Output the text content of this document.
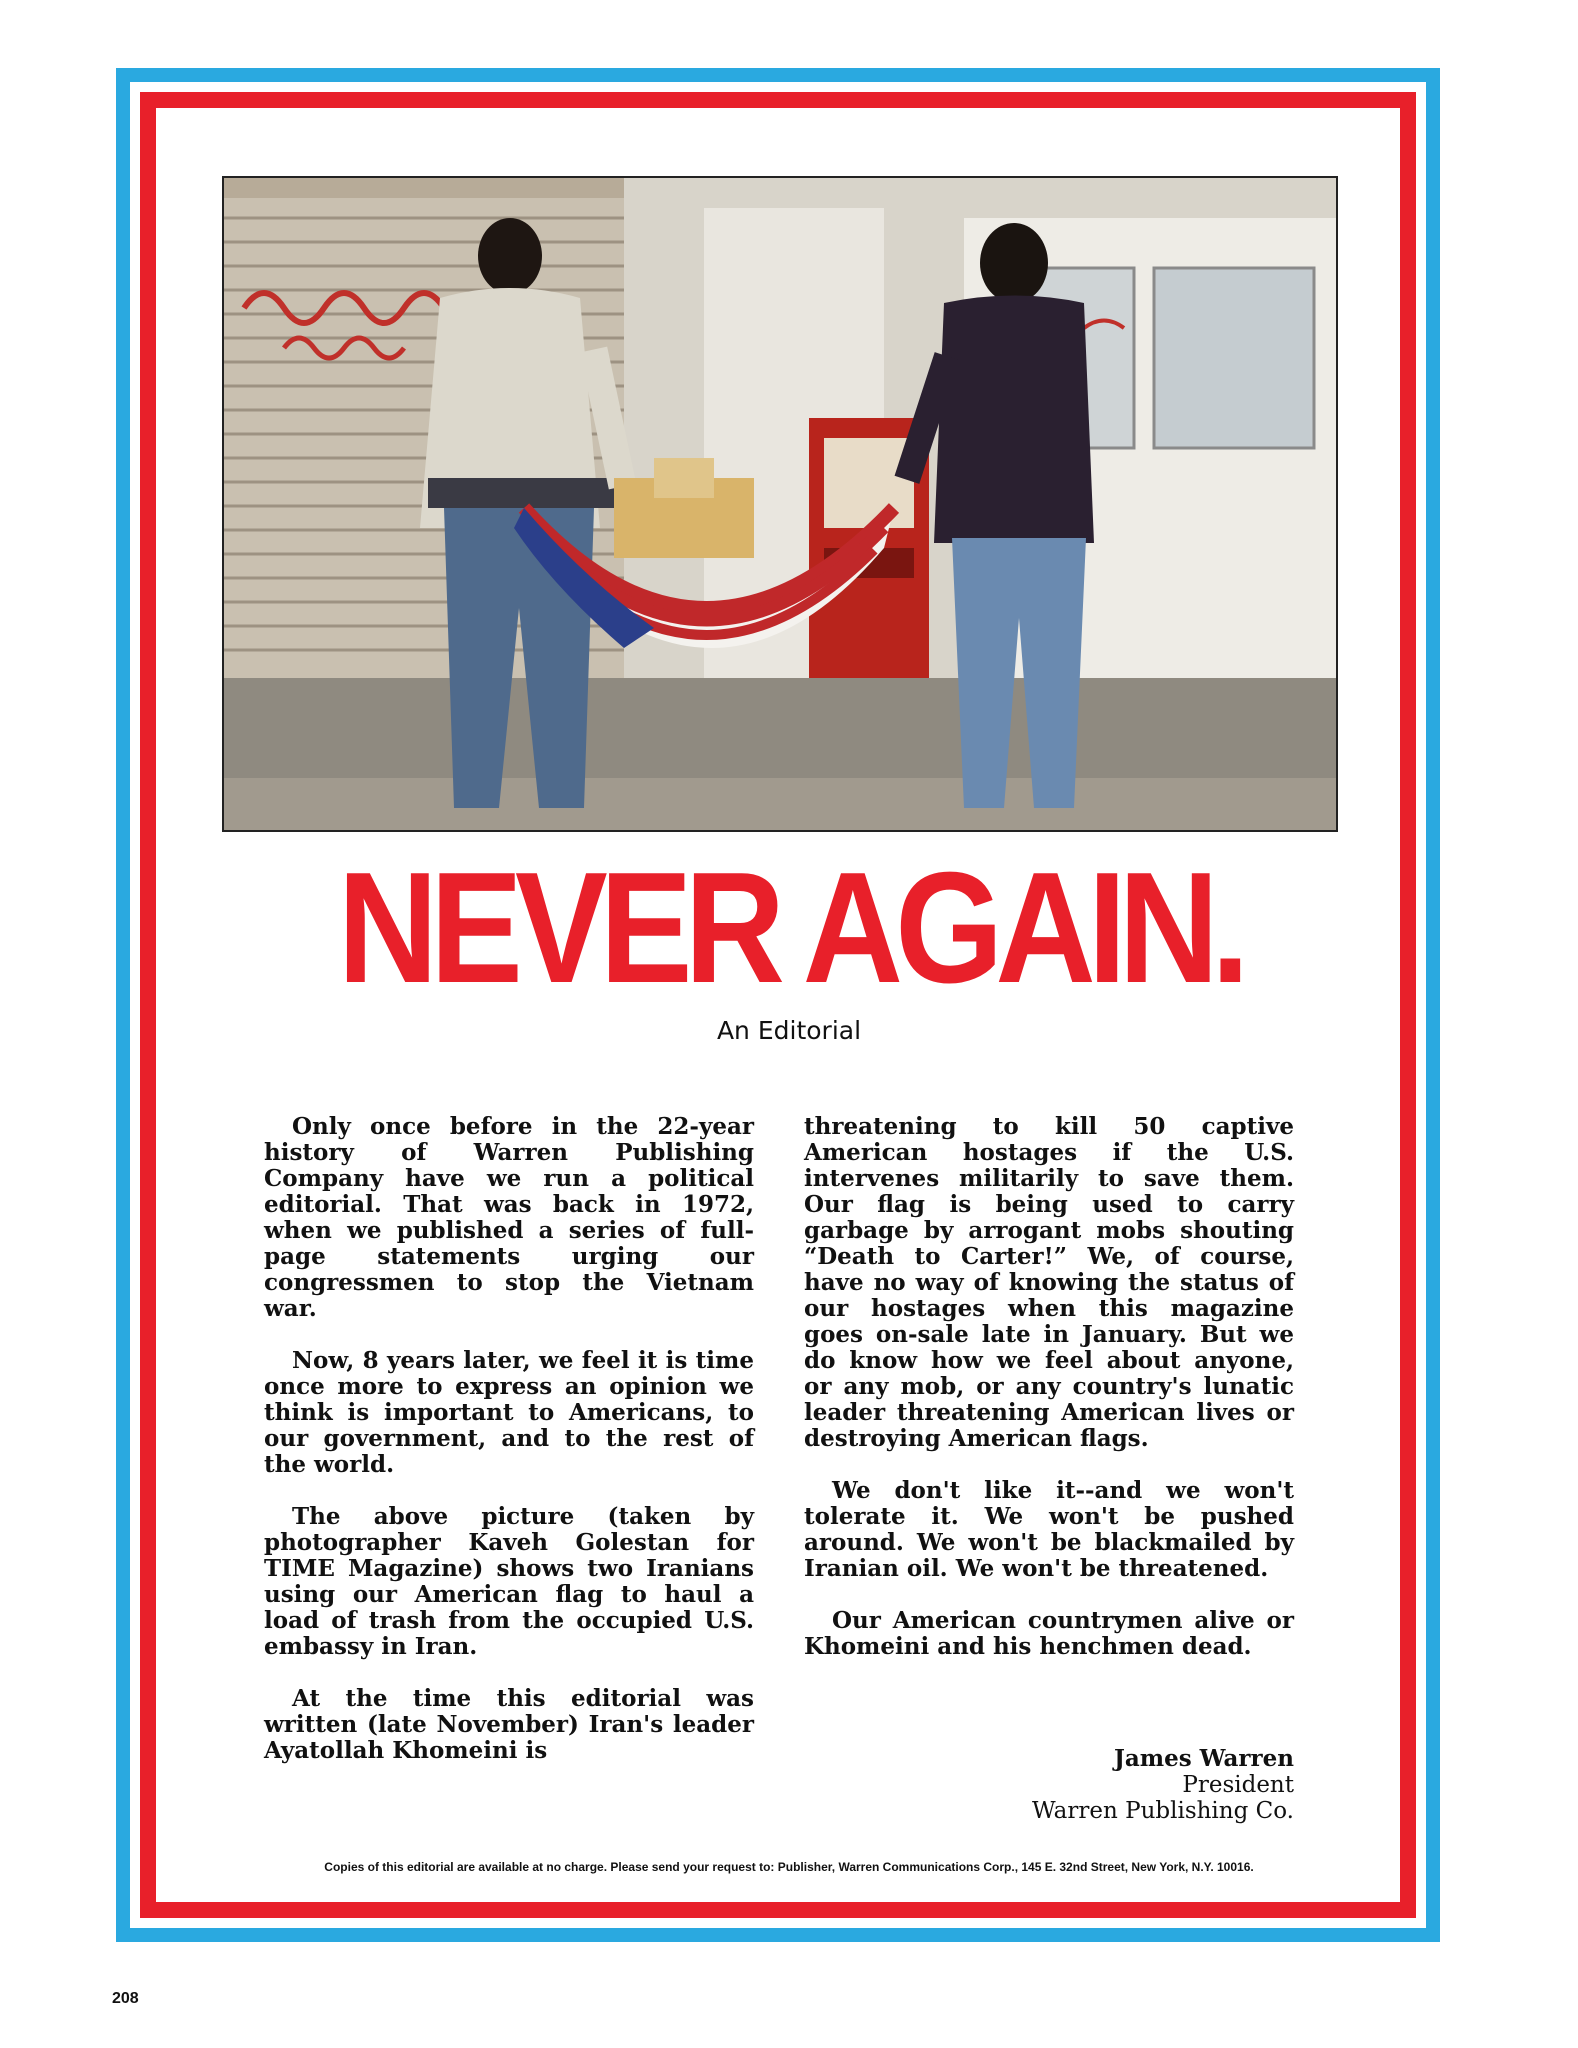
NEVER AGAIN.
An Editorial

Only once before in the 22-year history of Warren Publishing Company have we run a political editorial. That was back in 1972, when we published a series of full-page statements urging our congressmen to stop the Vietnam war.

Now, 8 years later, we feel it is time once more to express an opinion we think is important to Americans, to our government, and to the rest of the world.

The above picture (taken by photographer Kaveh Golestan for TIME Magazine) shows two Iranians using our American flag to haul a load of trash from the occupied U.S. embassy in Iran.

At the time this editorial was written (late November) Iran's leader Ayatollah Khomeini is

threatening to kill 50 captive American hostages if the U.S. intervenes militarily to save them. Our flag is being used to carry garbage by arrogant mobs shouting “Death to Carter!” We, of course, have no way of knowing the status of our hostages when this magazine goes on-sale late in January. But we do know how we feel about anyone, or any mob, or any country's lunatic leader threatening American lives or destroying American flags.

We don't like it--and we won't tolerate it. We won't be pushed around. We won't be blackmailed by Iranian oil. We won't be threatened.

Our American countrymen alive or Khomeini and his henchmen dead.

James Warren
President
Warren Publishing Co.
Copies of this editorial are available at no charge. Please send your request to: Publisher, Warren Communications Corp., 145 E. 32nd Street, New York, N.Y. 10016.
208
